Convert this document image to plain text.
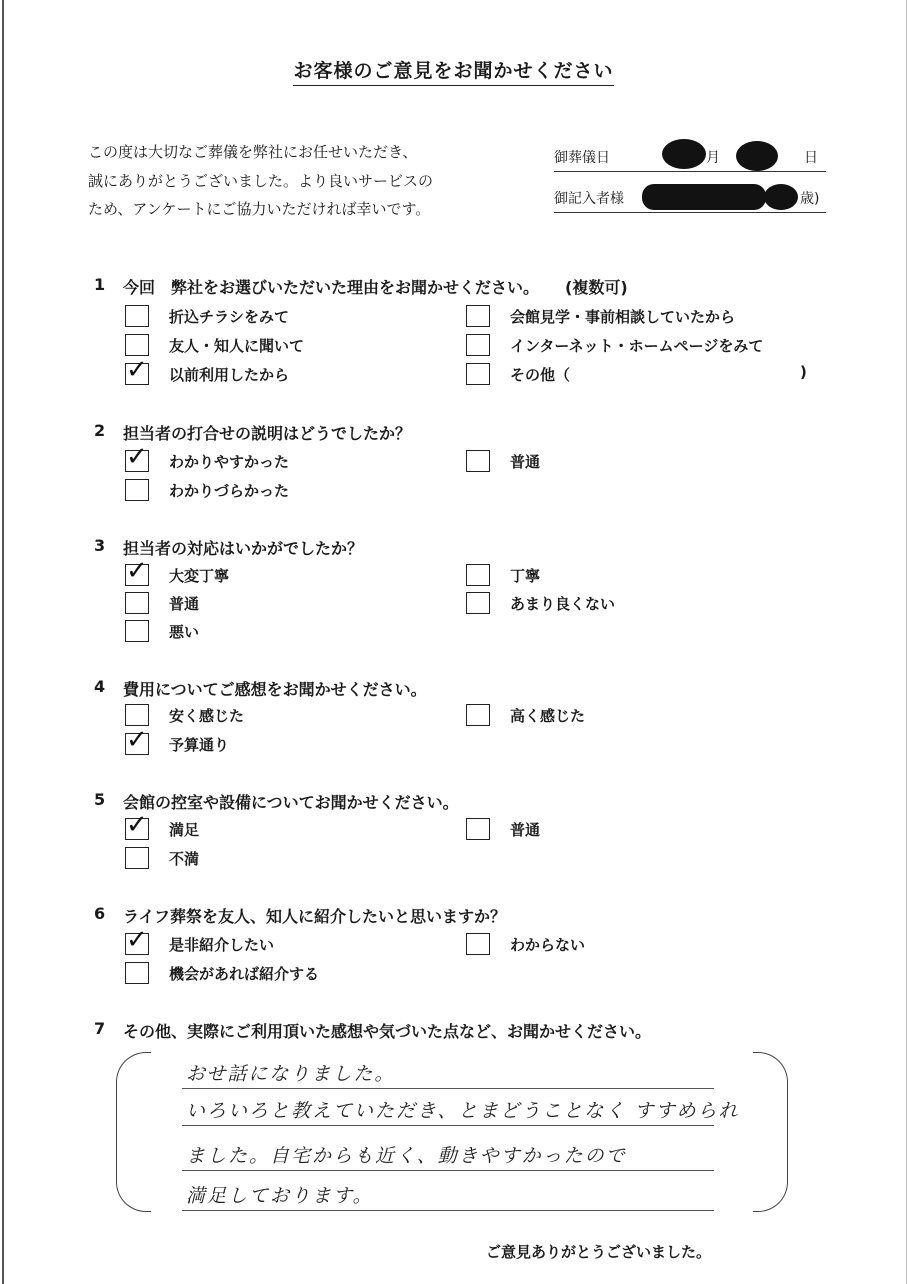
お客様のご意見をお聞かせください
この度は大切なご葬儀を弊社にお任せいただき、
誠にありがとうございました。より良いサービスの
ため、アンケートにご協力いただければ幸いです。
御葬儀日	月	日
御記入者様	歳)
1 今回　弊社をお選びいただいた理由をお聞かせください。 (複数可)
折込チラシをみて
友人・知人に聞いて
✓ 以前利用したから
会館見学・事前相談していたから
インターネット・ホームページをみて
その他（	)
2 担当者の打合せの説明はどうでしたか？
✓ わかりやすかった
わかりづらかった
普通
3 担当者の対応はいかがでしたか？
✓ 大変丁寧
普通
悪い
丁寧
あまり良くない
4 費用についてご感想をお聞かせください。
安く感じた
✓ 予算通り
高く感じた
5 会館の控室や設備についてお聞かせください。
✓ 満足
不満
普通
6 ライフ葬祭を友人、知人に紹介したいと思いますか？
✓ 是非紹介したい
機会があれば紹介する
わからない
7 その他、実際にご利用頂いた感想や気づいた点など、お聞かせください。
おせ話になりました。
いろいろと教えていただき、とまどうことなく すすめられ
ました。自宅からも近く、動きやすかったので
満足しております。
ご意見ありがとうございました。
